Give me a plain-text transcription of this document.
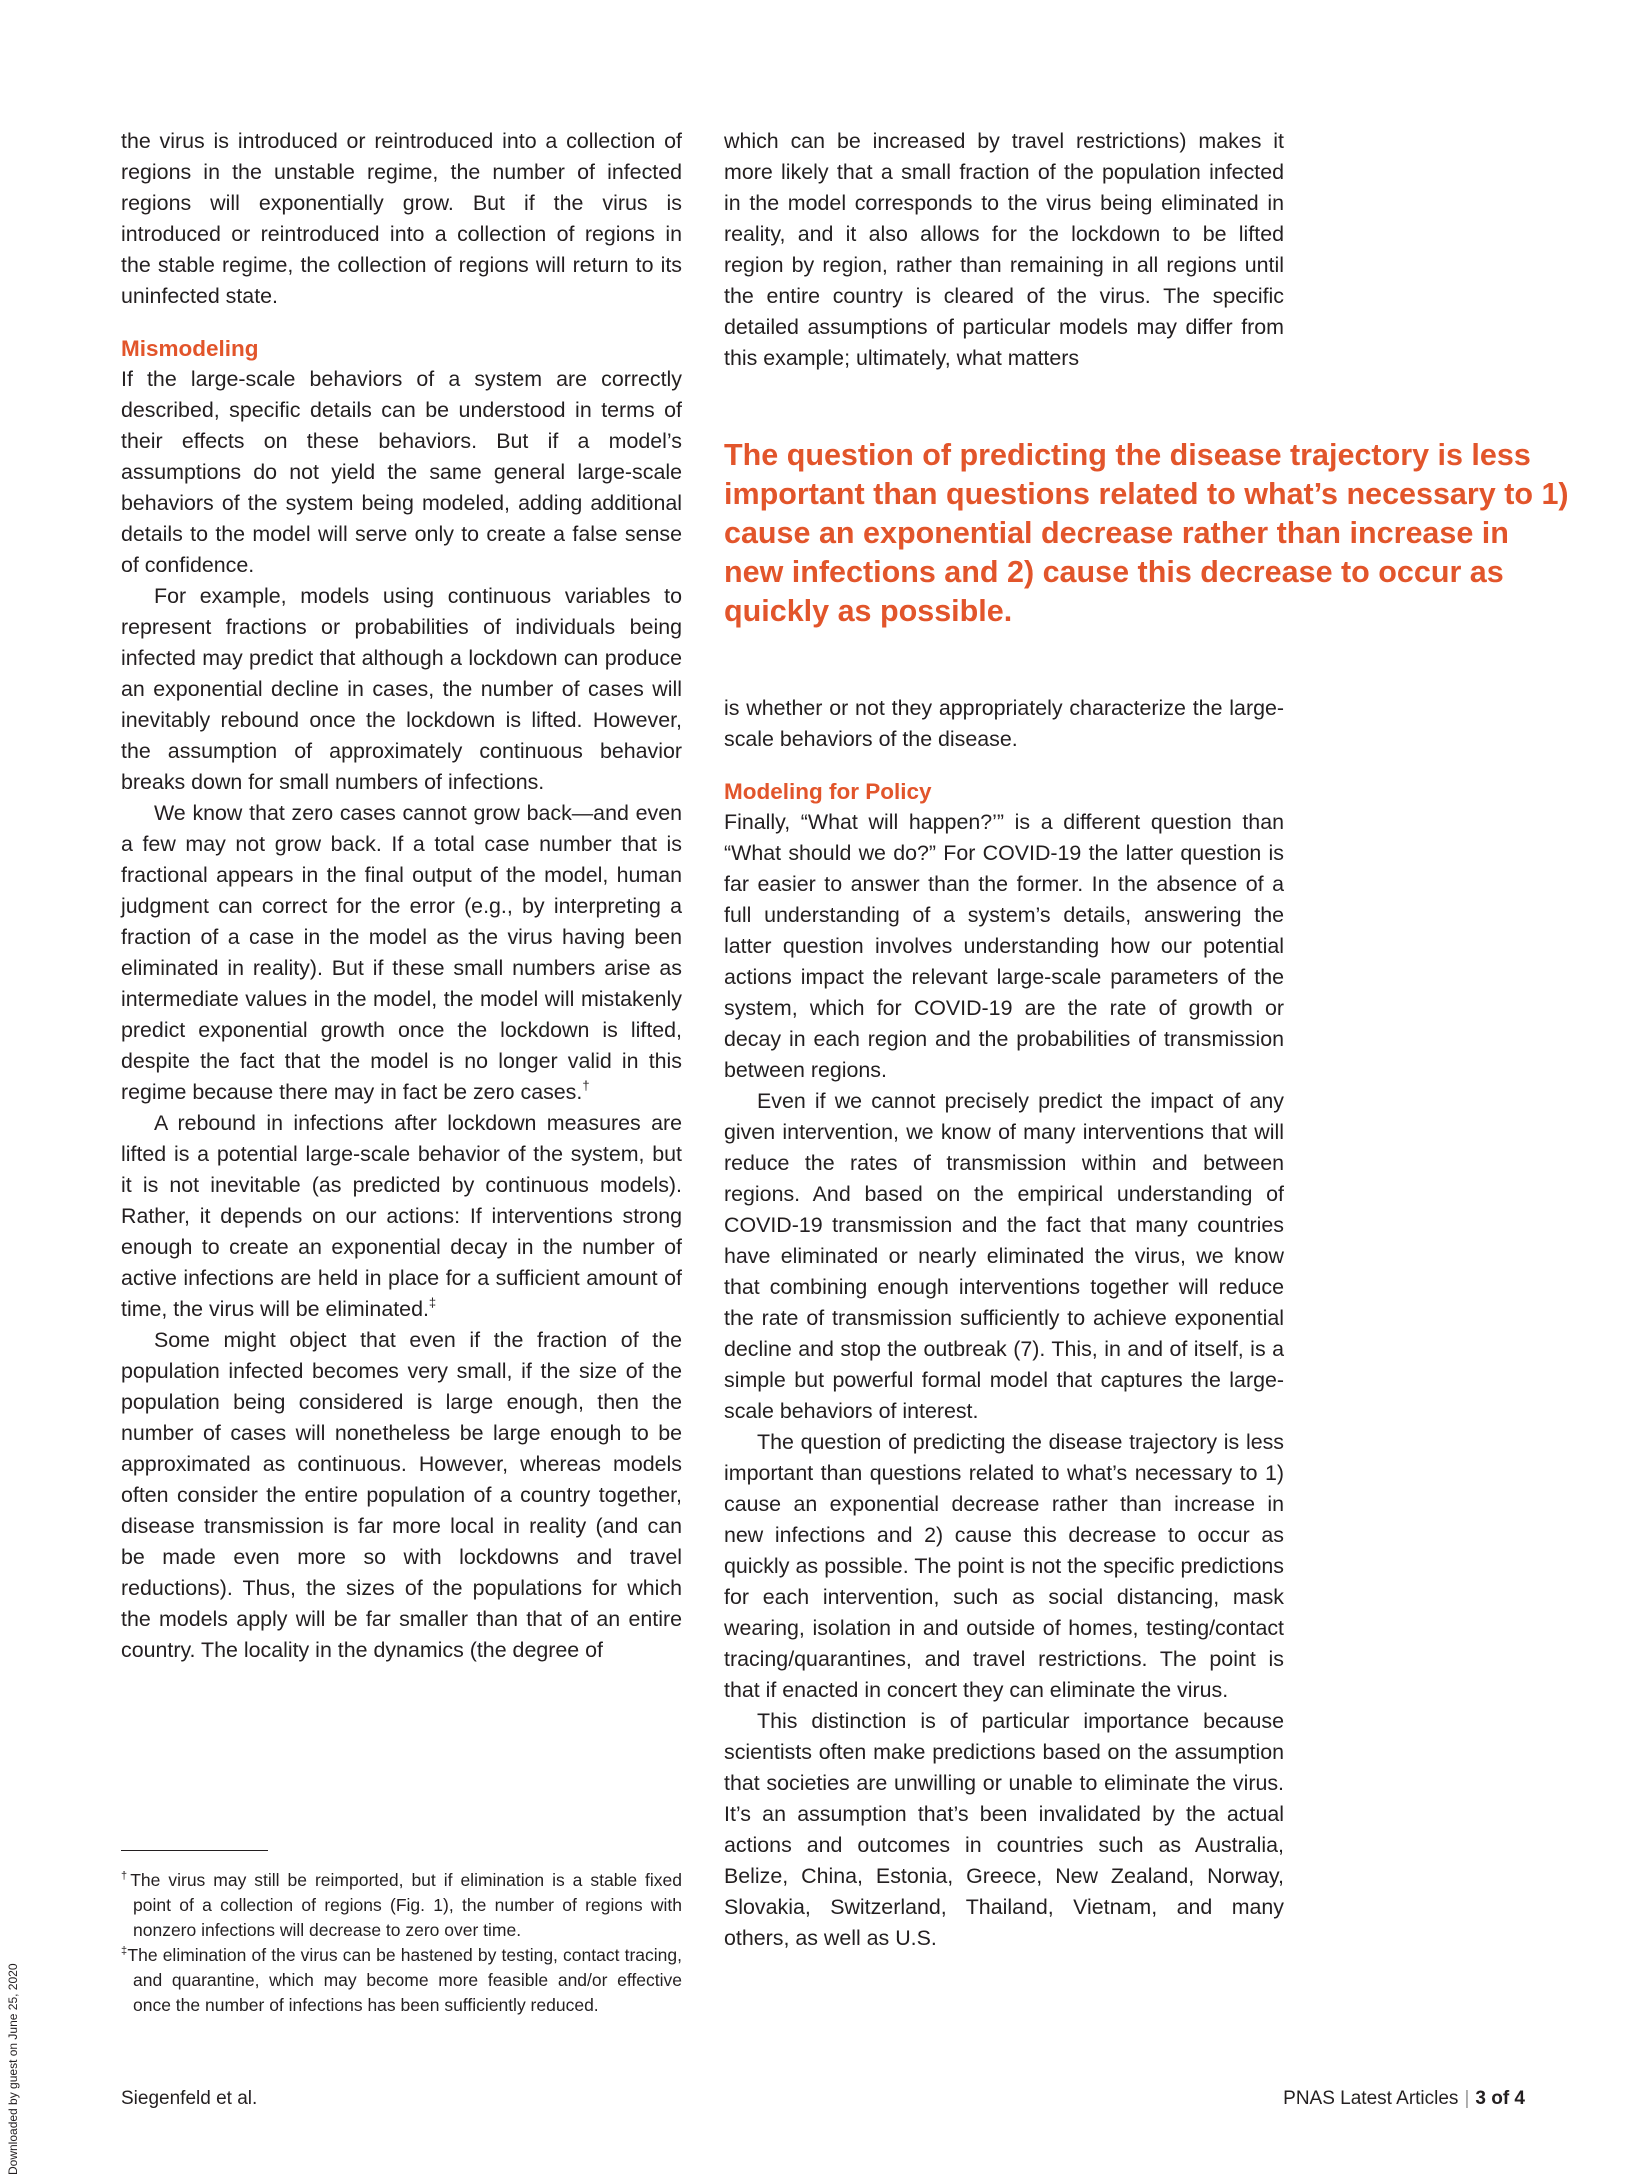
the virus is introduced or reintroduced into a collection of regions in the unstable regime, the number of infected regions will exponentially grow. But if the virus is introduced or reintroduced into a collection of regions in the stable regime, the collection of regions will return to its uninfected state.

Mismodeling

If the large-scale behaviors of a system are correctly described, specific details can be understood in terms of their effects on these behaviors. But if a model’s assumptions do not yield the same general large-scale behaviors of the system being modeled, adding additional details to the model will serve only to create a false sense of confidence.

For example, models using continuous variables to represent fractions or probabilities of individuals being infected may predict that although a lockdown can produce an exponential decline in cases, the number of cases will inevitably rebound once the lockdown is lifted. However, the assumption of approximately continuous behavior breaks down for small numbers of infections.

We know that zero cases cannot grow back—and even a few may not grow back. If a total case number that is fractional appears in the final output of the model, human judgment can correct for the error (e.g., by interpreting a fraction of a case in the model as the virus having been eliminated in reality). But if these small numbers arise as intermediate values in the model, the model will mistakenly predict exponential growth once the lockdown is lifted, despite the fact that the model is no longer valid in this regime because there may in fact be zero cases.†

A rebound in infections after lockdown measures are lifted is a potential large-scale behavior of the system, but it is not inevitable (as predicted by continuous models). Rather, it depends on our actions: If interventions strong enough to create an exponential decay in the number of active infections are held in place for a sufficient amount of time, the virus will be eliminated.‡

Some might object that even if the fraction of the population infected becomes very small, if the size of the population being considered is large enough, then the number of cases will nonetheless be large enough to be approximated as continuous. However, whereas models often consider the entire population of a country together, disease transmission is far more local in reality (and can be made even more so with lockdowns and travel reductions). Thus, the sizes of the populations for which the models apply will be far smaller than that of an entire country. The locality in the dynamics (the degree of

which can be increased by travel restrictions) makes it more likely that a small fraction of the population infected in the model corresponds to the virus being eliminated in reality, and it also allows for the lockdown to be lifted region by region, rather than remaining in all regions until the entire country is cleared of the virus. The specific detailed assumptions of particular models may differ from this example; ultimately, what matters

The question of predicting the disease trajectory is less important than questions related to what’s necessary to 1) cause an exponential decrease rather than increase in new infections and 2) cause this decrease to occur as quickly as possible.

is whether or not they appropriately characterize the large-scale behaviors of the disease.

Modeling for Policy

Finally, “What will happen?’” is a different question than “What should we do?” For COVID-19 the latter question is far easier to answer than the former. In the absence of a full understanding of a system’s details, answering the latter question involves understanding how our potential actions impact the relevant large-scale parameters of the system, which for COVID-19 are the rate of growth or decay in each region and the probabilities of transmission between regions.

Even if we cannot precisely predict the impact of any given intervention, we know of many interventions that will reduce the rates of transmission within and between regions. And based on the empirical understanding of COVID-19 transmission and the fact that many countries have eliminated or nearly eliminated the virus, we know that combining enough interventions together will reduce the rate of transmission sufficiently to achieve exponential decline and stop the outbreak (7). This, in and of itself, is a simple but powerful formal model that captures the large-scale behaviors of interest.

The question of predicting the disease trajectory is less important than questions related to what’s necessary to 1) cause an exponential decrease rather than increase in new infections and 2) cause this decrease to occur as quickly as possible. The point is not the specific predictions for each intervention, such as social distancing, mask wearing, isolation in and outside of homes, testing/contact tracing/quarantines, and travel restrictions. The point is that if enacted in concert they can eliminate the virus.

This distinction is of particular importance because scientists often make predictions based on the assumption that societies are unwilling or unable to eliminate the virus. It’s an assumption that’s been invalidated by the actual actions and outcomes in countries such as Australia, Belize, China, Estonia, Greece, New Zealand, Norway, Slovakia, Switzerland, Thailand, Vietnam, and many others, as well as U.S.

†The virus may still be reimported, but if elimination is a stable fixed point of a collection of regions (Fig. 1), the number of regions with nonzero infections will decrease to zero over time.

‡The elimination of the virus can be hastened by testing, contact tracing, and quarantine, which may become more feasible and/or effective once the number of infections has been sufficiently reduced.

Siegenfeld et al.	PNAS Latest Articles | 3 of 4
Downloaded by guest on June 25, 2020
